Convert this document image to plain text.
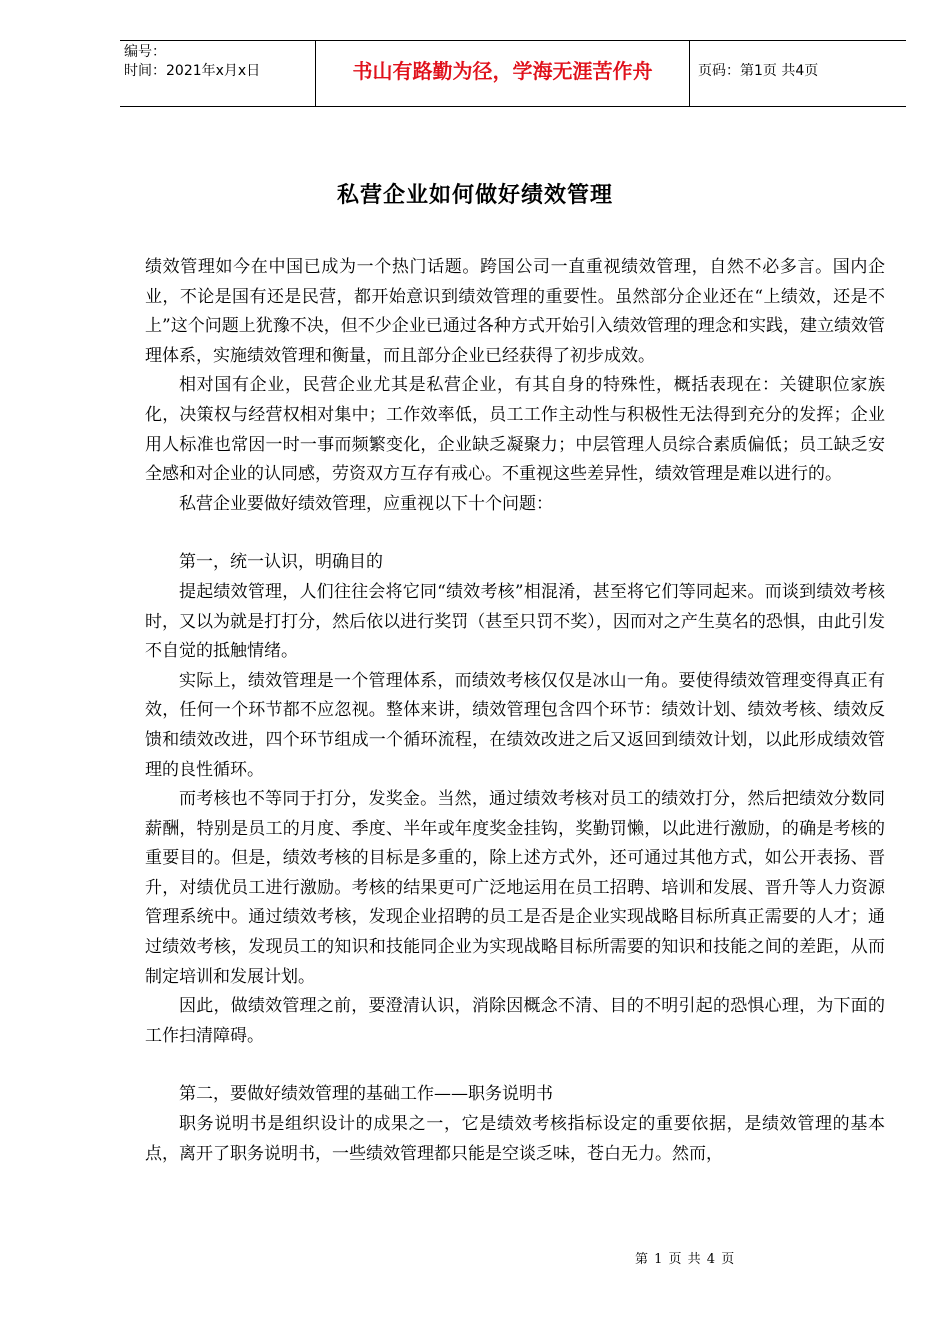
编号：
时间：2021年x月x日	书山有路勤为径，学海无涯苦作舟	页码：第1页 共4页
私营企业如何做好绩效管理

绩效管理如今在中国已成为一个热门话题。跨国公司一直重视绩效管理，自然不必多言。国内企业，不论是国有还是民营，都开始意识到绩效管理的重要性。虽然部分企业还在“上绩效，还是不上”这个问题上犹豫不决，但不少企业已通过各种方式开始引入绩效管理的理念和实践，建立绩效管理体系，实施绩效管理和衡量，而且部分企业已经获得了初步成效。

相对国有企业，民营企业尤其是私营企业，有其自身的特殊性，概括表现在：关键职位家族化，决策权与经营权相对集中；工作效率低，员工工作主动性与积极性无法得到充分的发挥；企业用人标准也常因一时一事而频繁变化，企业缺乏凝聚力；中层管理人员综合素质偏低；员工缺乏安全感和对企业的认同感，劳资双方互存有戒心。不重视这些差异性，绩效管理是难以进行的。

私营企业要做好绩效管理，应重视以下十个问题：

第一，统一认识，明确目的

提起绩效管理，人们往往会将它同“绩效考核”相混淆，甚至将它们等同起来。而谈到绩效考核时，又以为就是打打分，然后依以进行奖罚（甚至只罚不奖），因而对之产生莫名的恐惧，由此引发不自觉的抵触情绪。

实际上，绩效管理是一个管理体系，而绩效考核仅仅是冰山一角。要使得绩效管理变得真正有效，任何一个环节都不应忽视。整体来讲，绩效管理包含四个环节：绩效计划、绩效考核、绩效反馈和绩效改进，四个环节组成一个循环流程，在绩效改进之后又返回到绩效计划，以此形成绩效管理的良性循环。

而考核也不等同于打分，发奖金。当然，通过绩效考核对员工的绩效打分，然后把绩效分数同薪酬，特别是员工的月度、季度、半年或年度奖金挂钩，奖勤罚懒，以此进行激励，的确是考核的重要目的。但是，绩效考核的目标是多重的，除上述方式外，还可通过其他方式，如公开表扬、晋升，对绩优员工进行激励。考核的结果更可广泛地运用在员工招聘、培训和发展、晋升等人力资源管理系统中。通过绩效考核，发现企业招聘的员工是否是企业实现战略目标所真正需要的人才；通过绩效考核，发现员工的知识和技能同企业为实现战略目标所需要的知识和技能之间的差距，从而制定培训和发展计划。

因此，做绩效管理之前，要澄清认识，消除因概念不清、目的不明引起的恐惧心理，为下面的工作扫清障碍。

第二，要做好绩效管理的基础工作——职务说明书

职务说明书是组织设计的成果之一，它是绩效考核指标设定的重要依据，是绩效管理的基本点，离开了职务说明书，一些绩效管理都只能是空谈乏味，苍白无力。然而，

第 1 页 共 4 页
